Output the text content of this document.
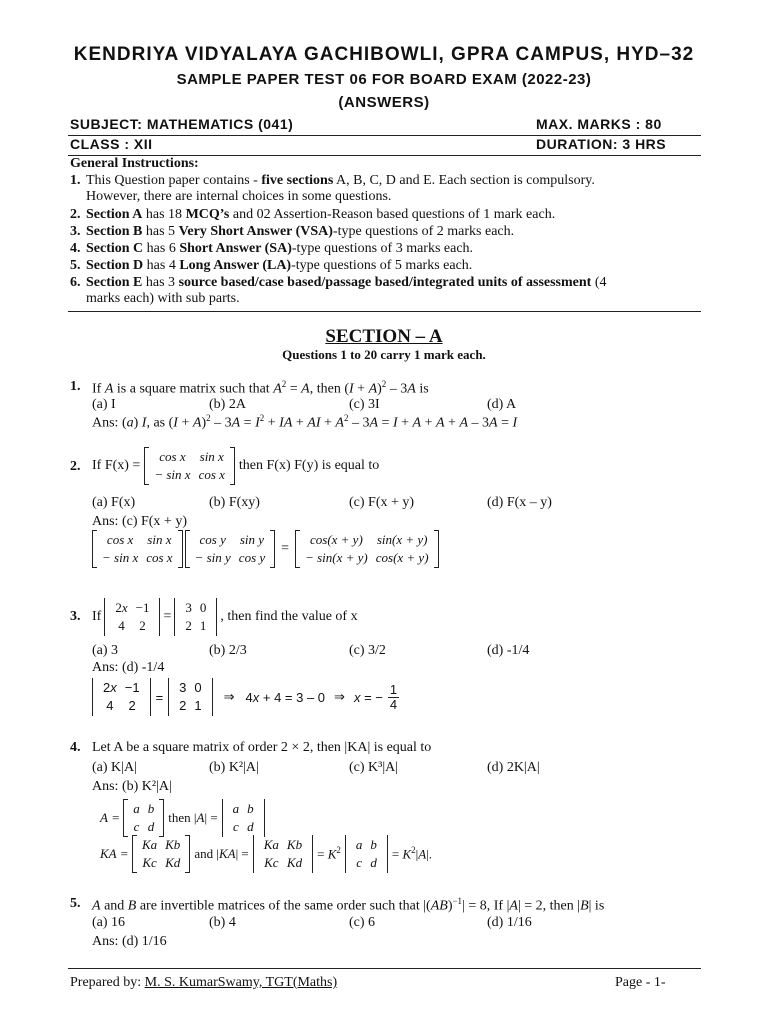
KENDRIYA VIDYALAYA GACHIBOWLI, GPRA CAMPUS, HYD–32
SAMPLE PAPER TEST 06 FOR BOARD EXAM (2022-23)
(ANSWERS)
SUBJECT: MATHEMATICS (041)	MAX. MARKS : 80
CLASS : XII	DURATION: 3 HRS
General Instructions:
1. This Question paper contains - five sections A, B, C, D and E. Each section is compulsory.
However, there are internal choices in some questions.
2. Section A has 18 MCQ’s and 02 Assertion-Reason based questions of 1 mark each.
3. Section B has 5 Very Short Answer (VSA)-type questions of 2 marks each.
4. Section C has 6 Short Answer (SA)-type questions of 3 marks each.
5. Section D has 4 Long Answer (LA)-type questions of 5 marks each.
6. Section E has 3 source based/case based/passage based/integrated units of assessment (4
marks each) with sub parts.
SECTION – A
Questions 1 to 20 carry 1 mark each.
1. If A is a square matrix such that $A^2 = A$, then $(I + A)^2 - 3A$ is
(a) I	(b) 2A	(c) 3I	(d) A
Ans: (a) I, as $(I + A)^2 - 3A = I^2$ + IA + AI + $A^2 - 3A = I + A + A + A - 3A = I$
2. If F(x) =
cos x	sin x
− sin x	cos x
then F(x) F(y) is equal to
(a) F(x)	(b) F(xy)	(c) F(x + y)	(d) F(x – y)
Ans: (c) F(x + y)
cos x	sin x
− sin x	cos x
cos y	sin y
− sin y	cos y
=
cos(x + y)	sin(x + y)
− sin(x + y)	cos(x + y)
3. If
2x	−1
4	2
=
3	0
2	1
, then find the value of x
(a) 3	(b) 2/3	(c) 3/2	(d) -1/4
Ans: (d) -1/4
2x	−1
4	2
=
3	0
2	1
⇒ 4x + 4 = 3 – 0 ⇒ x = − $\frac{1}{4}$
4. Let A be a square matrix of order 2 × 2, then |KA| is equal to
(a) K|A|	(b) K²|A|	(c) K³|A|	(d) 2K|A|
Ans: (b) K²|A|
A =
a	b
c	d
then |A| =
a	b
c	d
KA =
Ka	Kb
Kc	Kd
and |KA| =
Ka	Kb
Kc	Kd
= $K^2$ a	b
c	d
= $K^2|A|$.
5. A and B are invertible matrices of the same order such that |(AB)$^{-1}$| = 8, If |A| = 2, then |B| is
(a) 16	(b) 4	(c) 6	(d) 1/16
Ans: (d) 1/16
Prepared by: M. S. KumarSwamy, TGT(Maths)	Page - 1-
